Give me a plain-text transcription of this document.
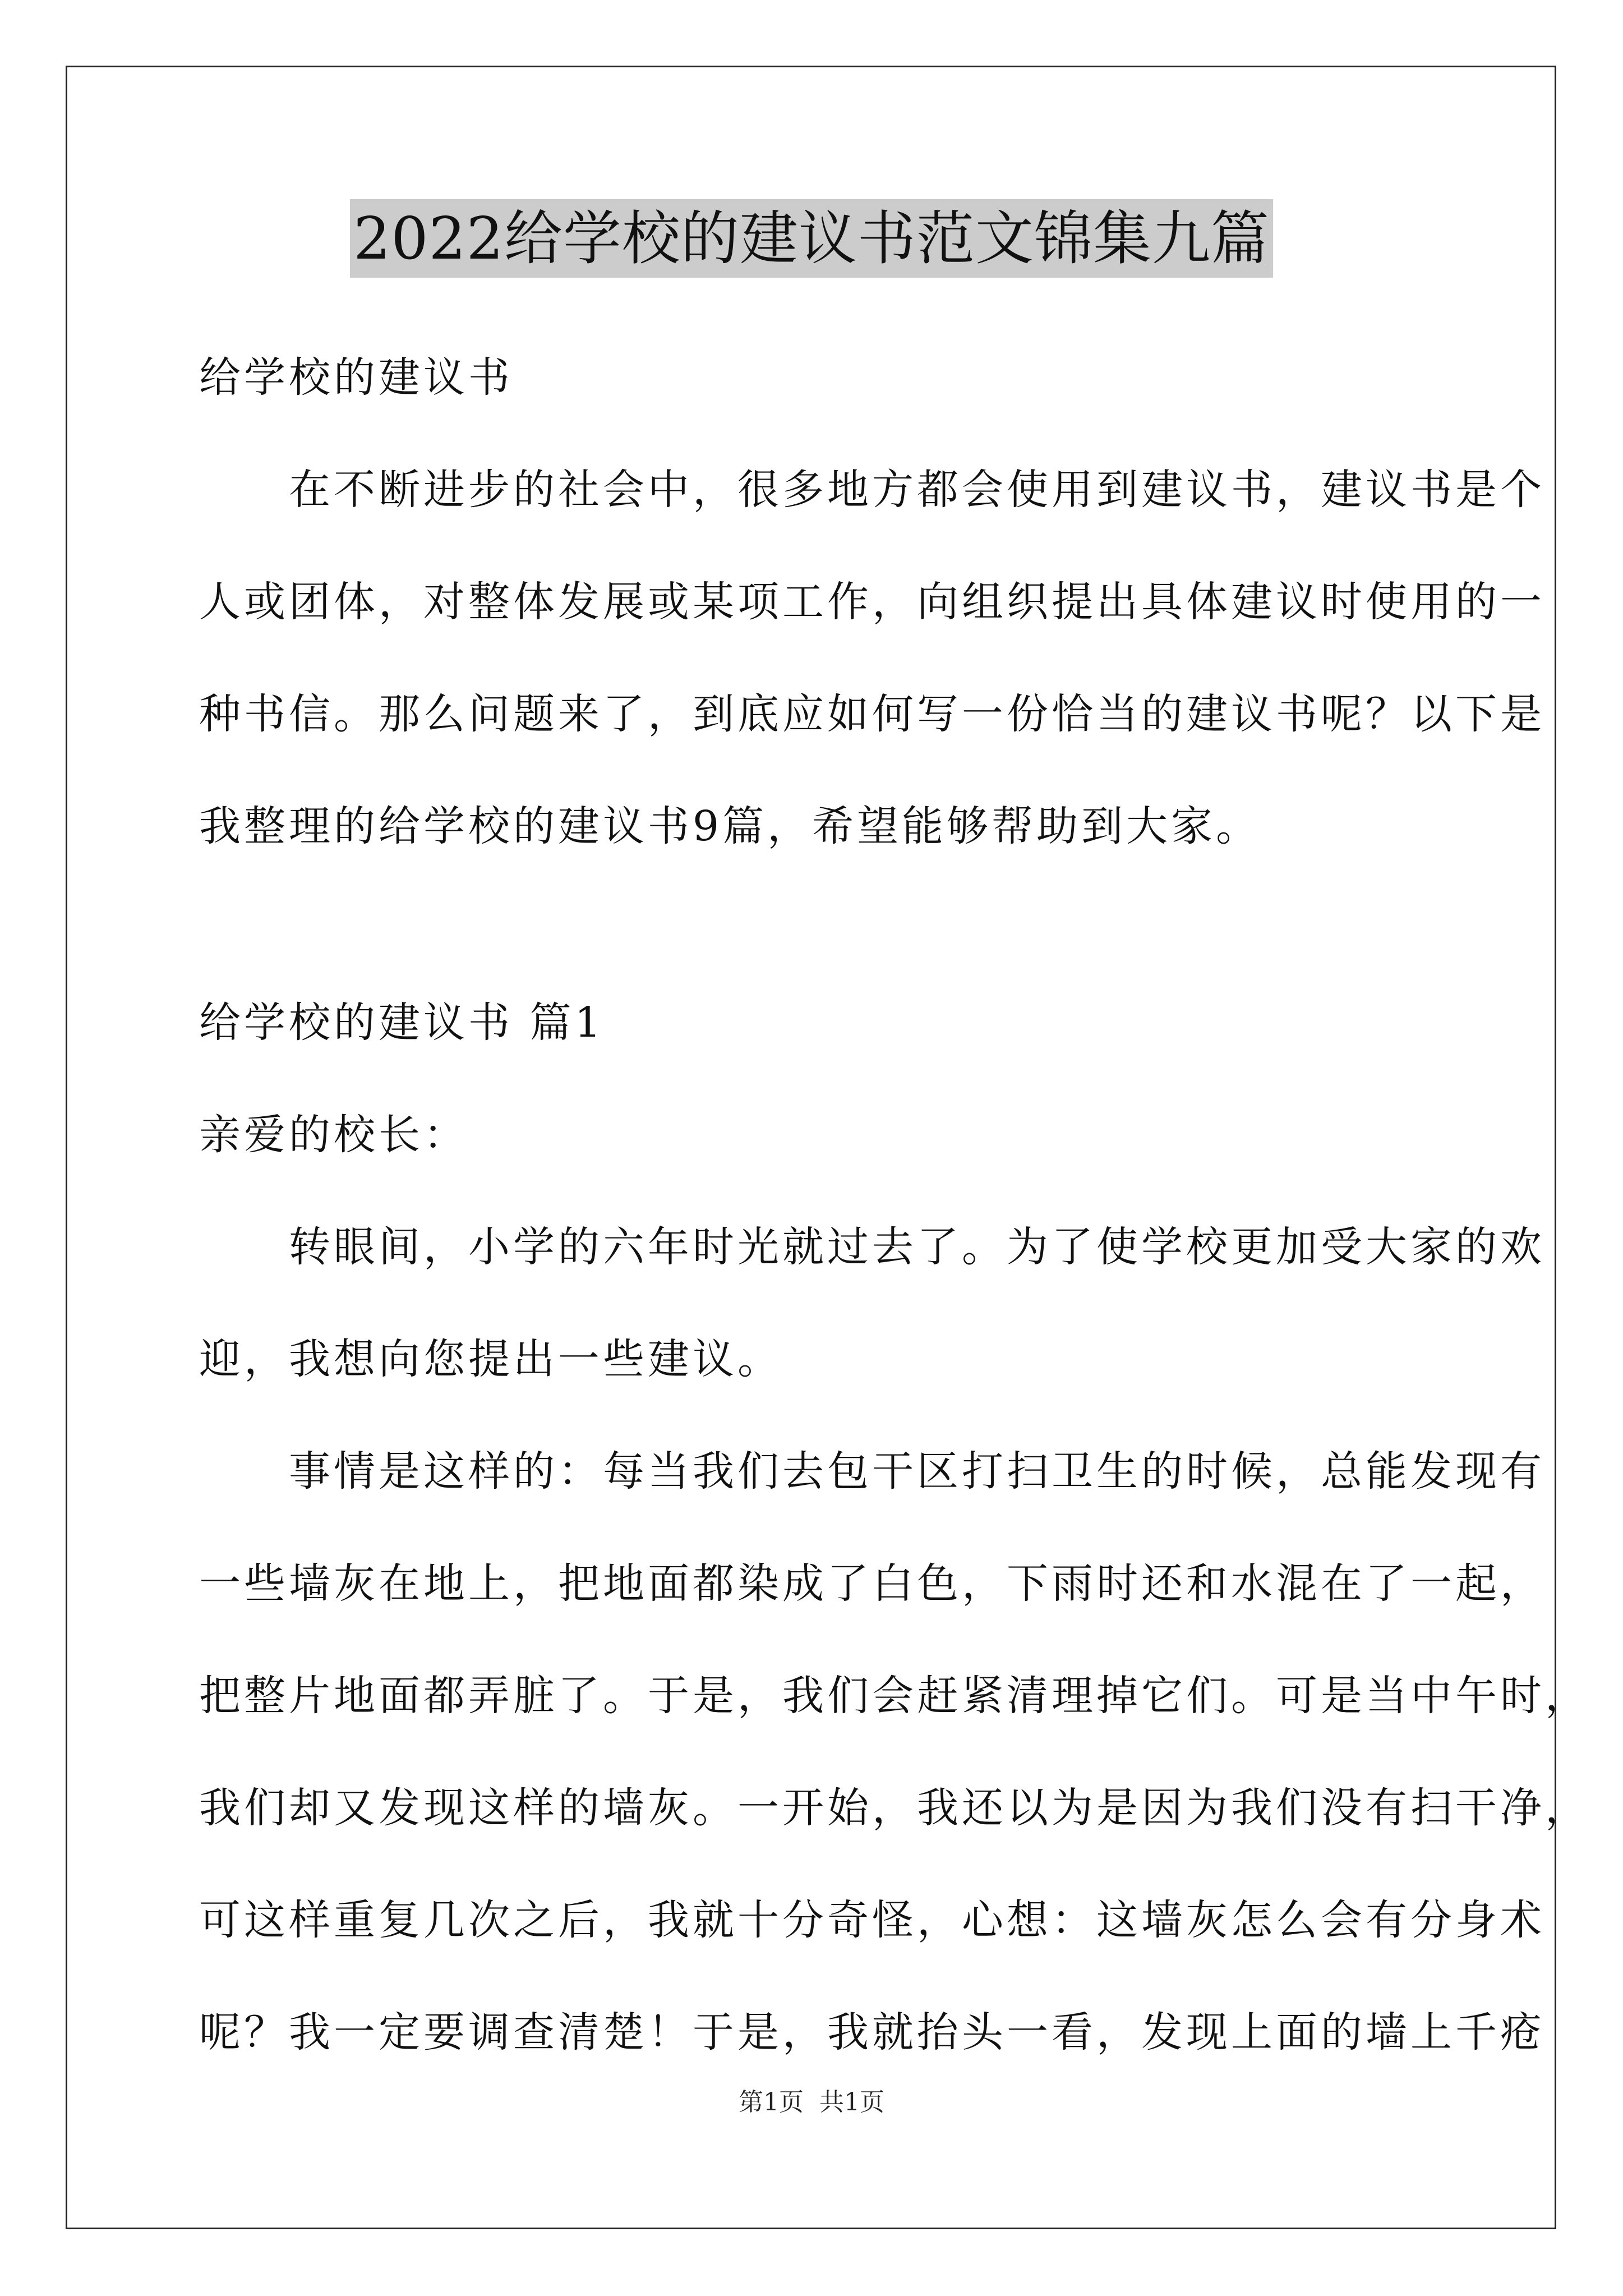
2022给学校的建议书范文锦集九篇
给学校的建议书
　　在不断进步的社会中，很多地方都会使用到建议书，建议书是个
人或团体，对整体发展或某项工作，向组织提出具体建议时使用的一
种书信。那么问题来了，到底应如何写一份恰当的建议书呢？以下是
我整理的给学校的建议书9篇，希望能够帮助到大家。
给学校的建议书 篇1
亲爱的校长：
　　转眼间，小学的六年时光就过去了。为了使学校更加受大家的欢
迎，我想向您提出一些建议。
　　事情是这样的：每当我们去包干区打扫卫生的时候，总能发现有
一些墙灰在地上，把地面都染成了白色，下雨时还和水混在了一起，
把整片地面都弄脏了。于是，我们会赶紧清理掉它们。可是当中午时，
我们却又发现这样的墙灰。一开始，我还以为是因为我们没有扫干净，
可这样重复几次之后，我就十分奇怪，心想：这墙灰怎么会有分身术
呢？我一定要调查清楚！于是，我就抬头一看，发现上面的墙上千疮
第1页 共1页
